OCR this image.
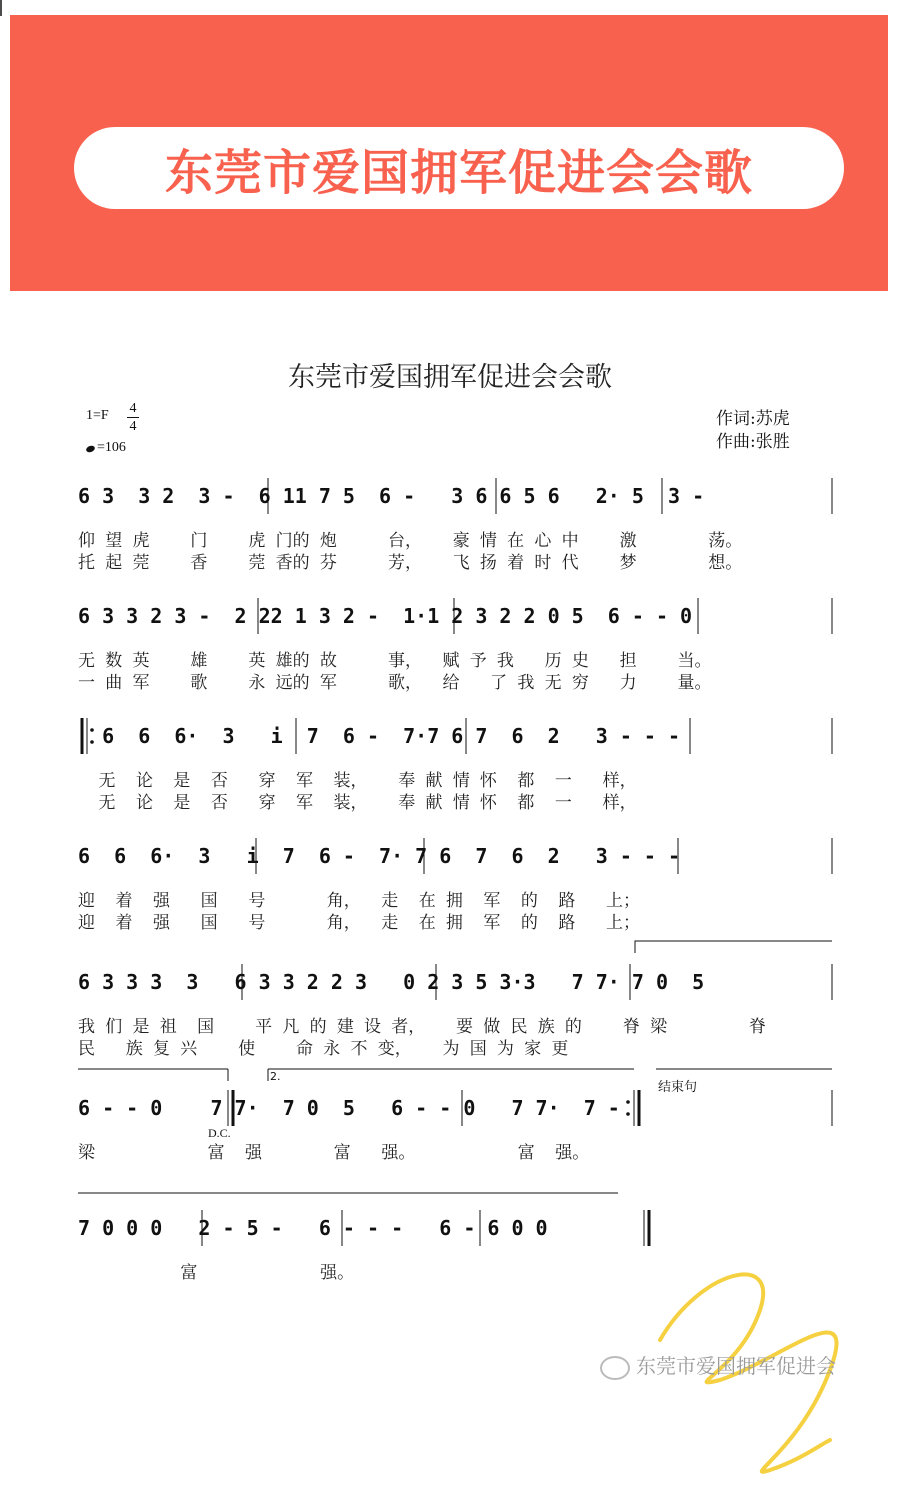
东莞市爱国拥军促进会会歌
东莞市爱国拥军促进会会歌
1=F 4
4
=106
作词:苏虎
作曲:张胜
6 3  3 2  3 -  6 11 7 5  6 -   3 6 6 5 6   2· 5  3 -
仰 望 虎    门    虎 门的 炮     台，   豪 情 在 心 中    激       荡。
托 起 莞    香    莞 香的 芬     芳，   飞 扬 着 时 代    梦       想。
6 3 3 2 3 -  2 22 1 3 2 -  1·1 2 3 2 2 0 5  6 - - 0
无 数 英    雄    英 雄的 故     事，  赋 予 我   历 史   担    当。
一 曲 军    歌    永 远的 军     歌，  给   了 我 无 穷   力    量。
6  6  6·  3   i  7  6 -  7·7 6 7  6  2   3 - - -
无  论  是  否   穿  军  装，   奉 献 情 怀  都  一   样，
无  论  是  否   穿  军  装，   奉 献 情 怀  都  一   样，
6  6  6·  3   i  7  6 -  7· 7 6  7  6  2   3 - - -
迎  着  强   国   号      角，  走  在 拥  军  的  路   上；
迎  着  强   国   号      角，  走  在 拥  军  的  路   上；
6 3 3 3  3   6 3 3 2 2 3   0 2 3 5 3·3   7 7· 7 0  5
我 们 是 祖  国    平 凡 的 建 设 者，   要 做 民 族 的    脊 梁        脊
民   族 复 兴    使    命 永 不 变，   为 国 为 家 更
2.
结束句
D.C.
6 - - 0    7 7·  7 0  5   6 - - 0   7 7·  7 -
梁           富  强       富   强。          富  强。
7 0 0 0   2 - 5 -   6 - - -   6 - 6 0 0
富            强。
东莞市爱国拥军促进会
